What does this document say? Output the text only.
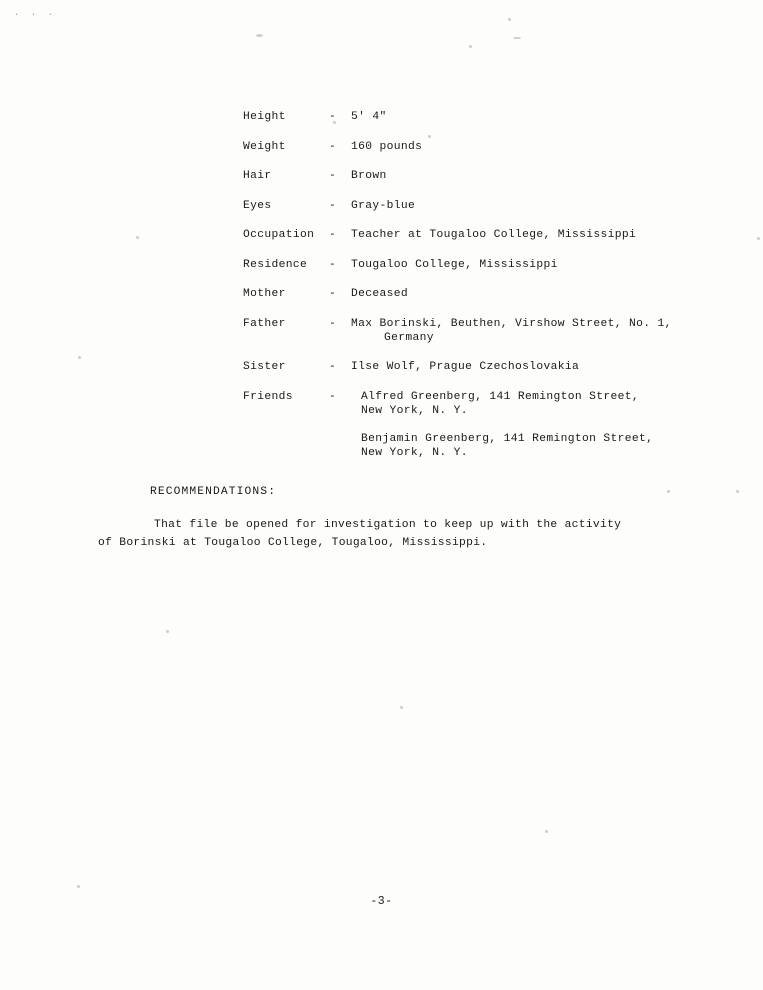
· · ·
Height	-	5' 4"
Weight	-	160 pounds
Hair	-	Brown
Eyes	-	Gray-blue
Occupation	-	Teacher at Tougaloo College, Mississippi
Residence	-	Tougaloo College, Mississippi
Mother	-	Deceased
Father	-	Max Borinski, Beuthen, Virshow Street, No. 1,
Germany
Sister	-	Ilse Wolf, Prague Czechoslovakia
Friends	-	Alfred Greenberg, 141 Remington Street,
New York, N. Y.

Benjamin Greenberg, 141 Remington Street,
New York, N. Y.
RECOMMENDATIONS:
That file be opened for investigation to keep up with the activity
of Borinski at Tougaloo College, Tougaloo, Mississippi.
-3-
